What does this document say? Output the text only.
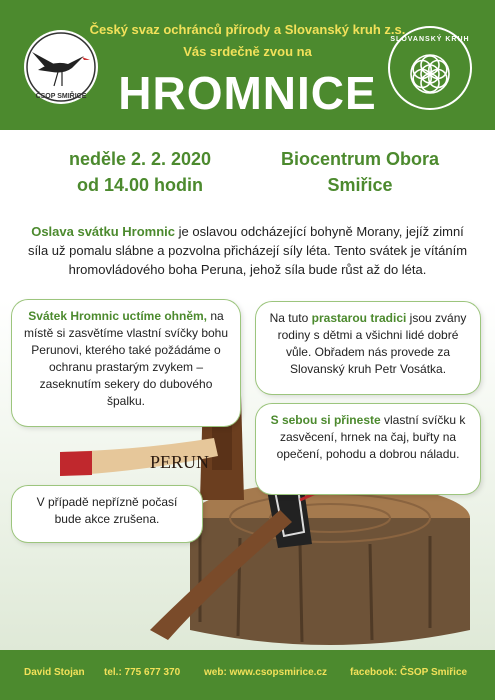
ČSOP SMIŘICE
Český svaz ochránců přírody a Slovanský kruh z.s.
Vás srdečně zvou na
HROMNICE
SLOVANSKÝ KRUH
neděle 2. 2. 2020
od 14.00 hodin
Biocentrum Obora
Smiřice
Oslava svátku Hromnic je oslavou odcházející bohyně Morany, jejíž zimní síla už pomalu slábne a pozvolna přicházejí síly léta. Tento svátek je vítáním hromovládového boha Peruna, jehož síla bude růst až do léta.
PERUN
Svátek Hromnic uctíme ohněm, na místě si zasvětíme vlastní svíčky bohu Perunovi, kterého také požádáme o ochranu prastarým zvykem – zaseknutím sekery do dubového špalku.
Na tuto prastarou tradici jsou zvány rodiny s dětmi a všichni lidé dobré vůle. Obřadem nás provede za Slovanský kruh Petr Vosátka.
S sebou si přineste vlastní svíčku k zasvěcení, hrnek na čaj, buřty na opečení, pohodu a dobrou náladu.
V případě nepřízně počasí bude akce zrušena.
David Stojan tel.: 775 677 370 web: www.csopsmirice.cz facebook: ČSOP Smiřice
